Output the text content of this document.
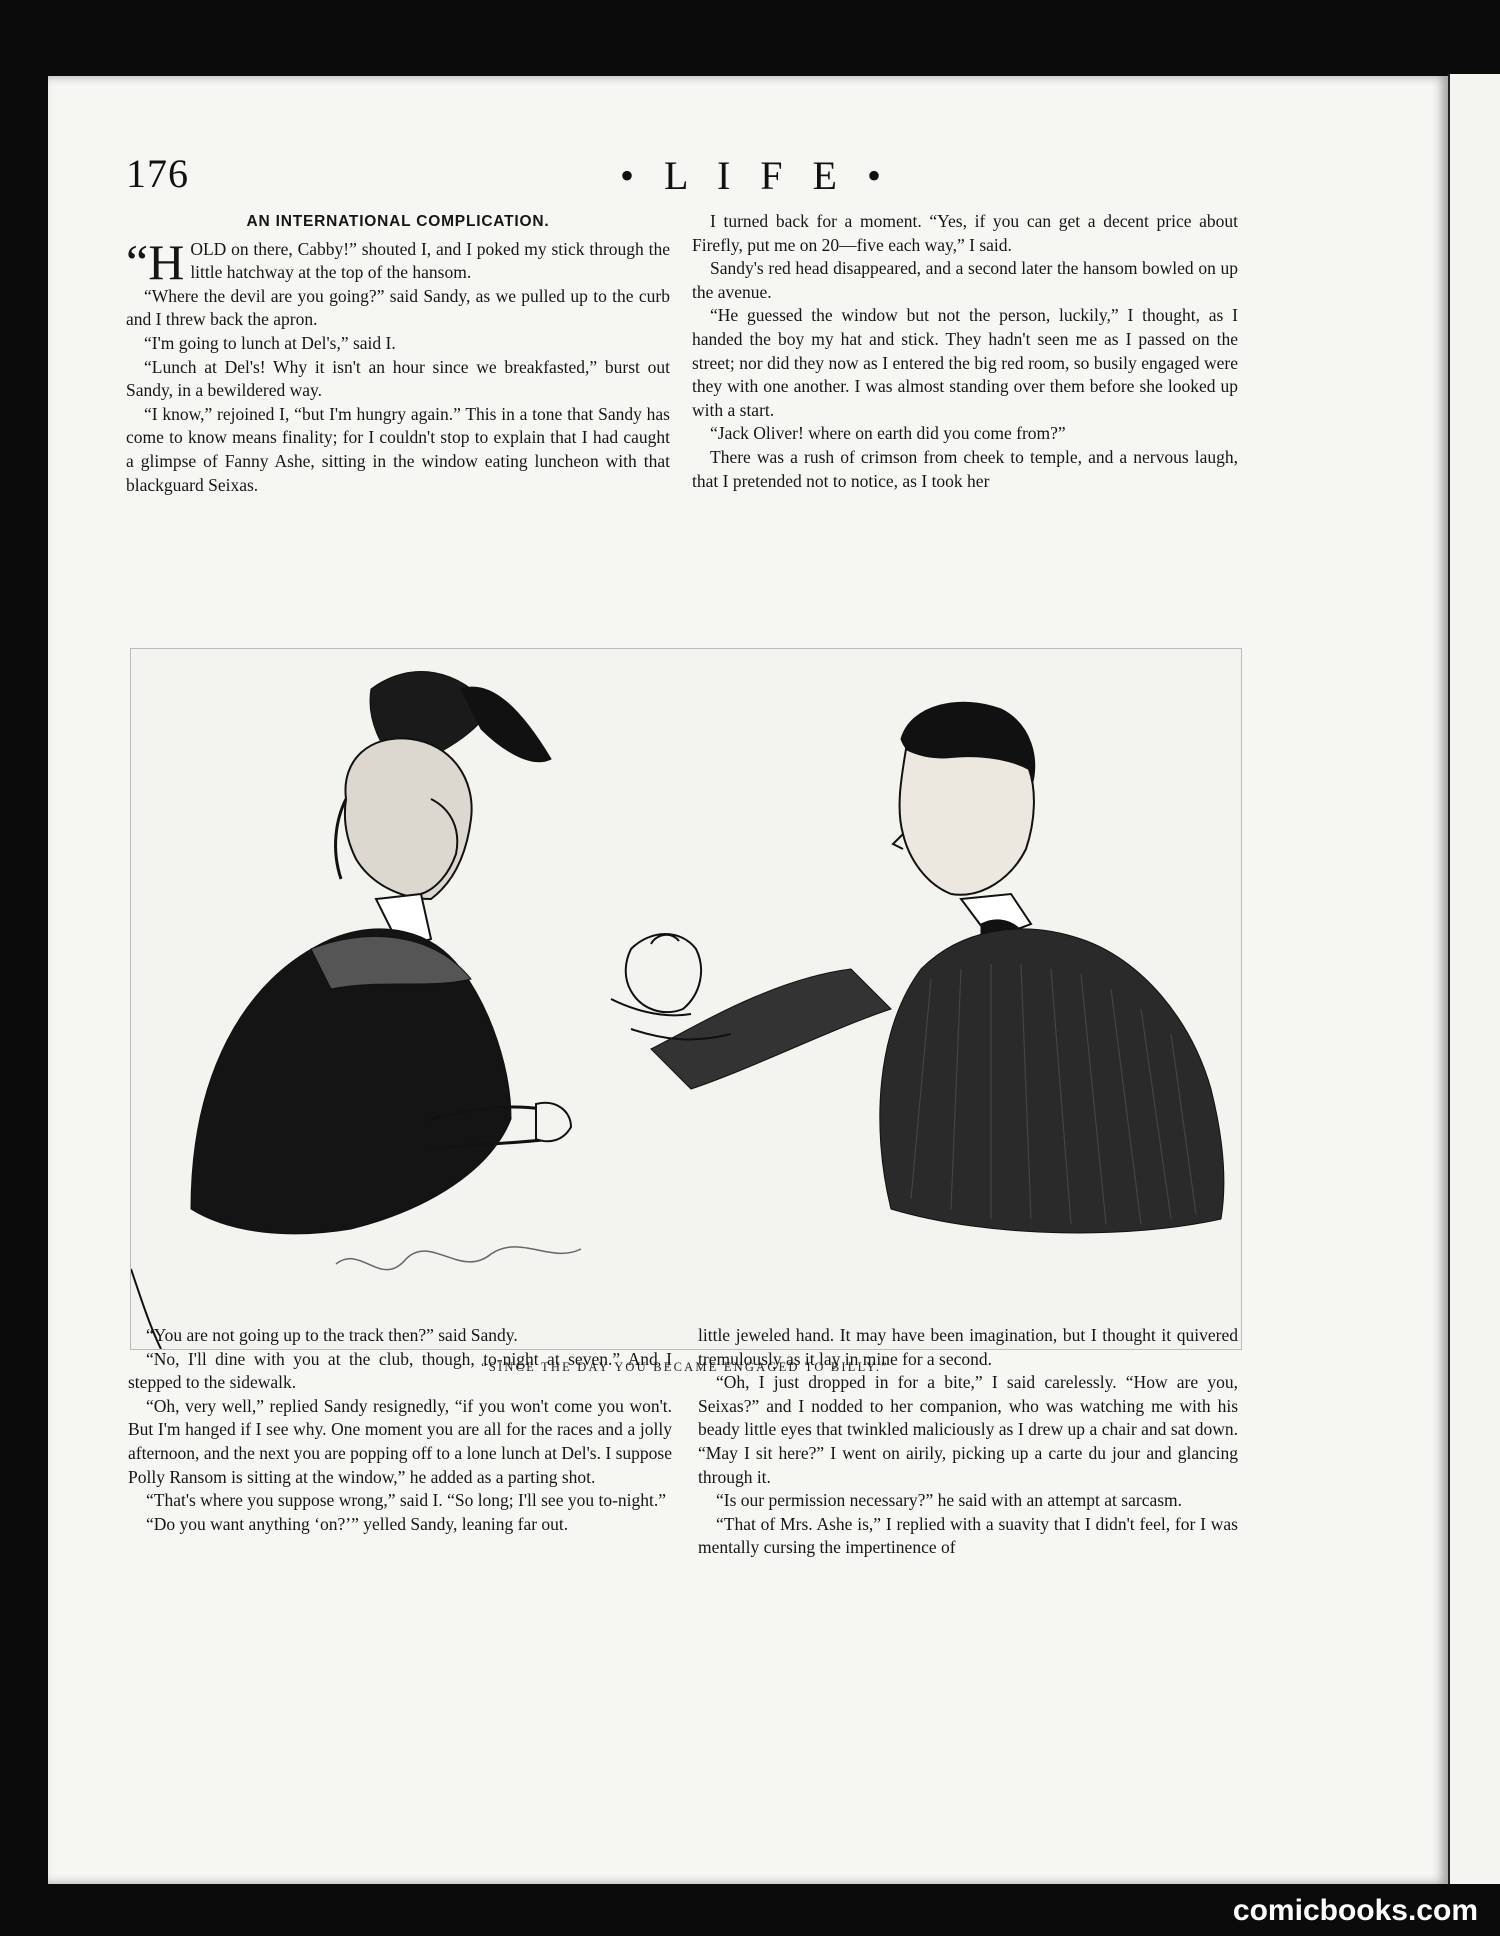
176	• L I F E •
AN INTERNATIONAL COMPLICATION.

“HOLD on there, Cabby!” shouted I, and I poked my stick through the little hatchway at the top of the hansom.

“Where the devil are you going?” said Sandy, as we pulled up to the curb and I threw back the apron.

“I'm going to lunch at Del's,” said I.

“Lunch at Del's! Why it isn't an hour since we breakfasted,” burst out Sandy, in a bewildered way.

“I know,” rejoined I, “but I'm hungry again.” This in a tone that Sandy has come to know means finality; for I couldn't stop to explain that I had caught a glimpse of Fanny Ashe, sitting in the window eating luncheon with that blackguard Seixas.

I turned back for a moment. “Yes, if you can get a decent price about Firefly, put me on 20—five each way,” I said.

Sandy's red head disappeared, and a second later the hansom bowled on up the avenue.

“He guessed the window but not the person, luckily,” I thought, as I handed the boy my hat and stick. They hadn't seen me as I passed on the street; nor did they now as I entered the big red room, so busily engaged were they with one another. I was almost standing over them before she looked up with a start.

“Jack Oliver! where on earth did you come from?”

There was a rush of crimson from cheek to temple, and a nervous laugh, that I pretended not to notice, as I took her

“SINCE THE DAY YOU BECAME ENGAGED TO BILLY.”

“You are not going up to the track then?” said Sandy.

“No, I'll dine with you at the club, though, to-night at seven.” And I stepped to the sidewalk.

“Oh, very well,” replied Sandy resignedly, “if you won't come you won't. But I'm hanged if I see why. One moment you are all for the races and a jolly afternoon, and the next you are popping off to a lone lunch at Del's. I suppose Polly Ransom is sitting at the window,” he added as a parting shot.

“That's where you suppose wrong,” said I. “So long; I'll see you to-night.”

“Do you want anything ‘on?’” yelled Sandy, leaning far out.

little jeweled hand. It may have been imagination, but I thought it quivered tremulously as it lay in mine for a second.

“Oh, I just dropped in for a bite,” I said carelessly. “How are you, Seixas?” and I nodded to her companion, who was watching me with his beady little eyes that twinkled maliciously as I drew up a chair and sat down. “May I sit here?” I went on airily, picking up a carte du jour and glancing through it.

“Is our permission necessary?” he said with an attempt at sarcasm.

“That of Mrs. Ashe is,” I replied with a suavity that I didn't feel, for I was mentally cursing the impertinence of

comicbooks.com
